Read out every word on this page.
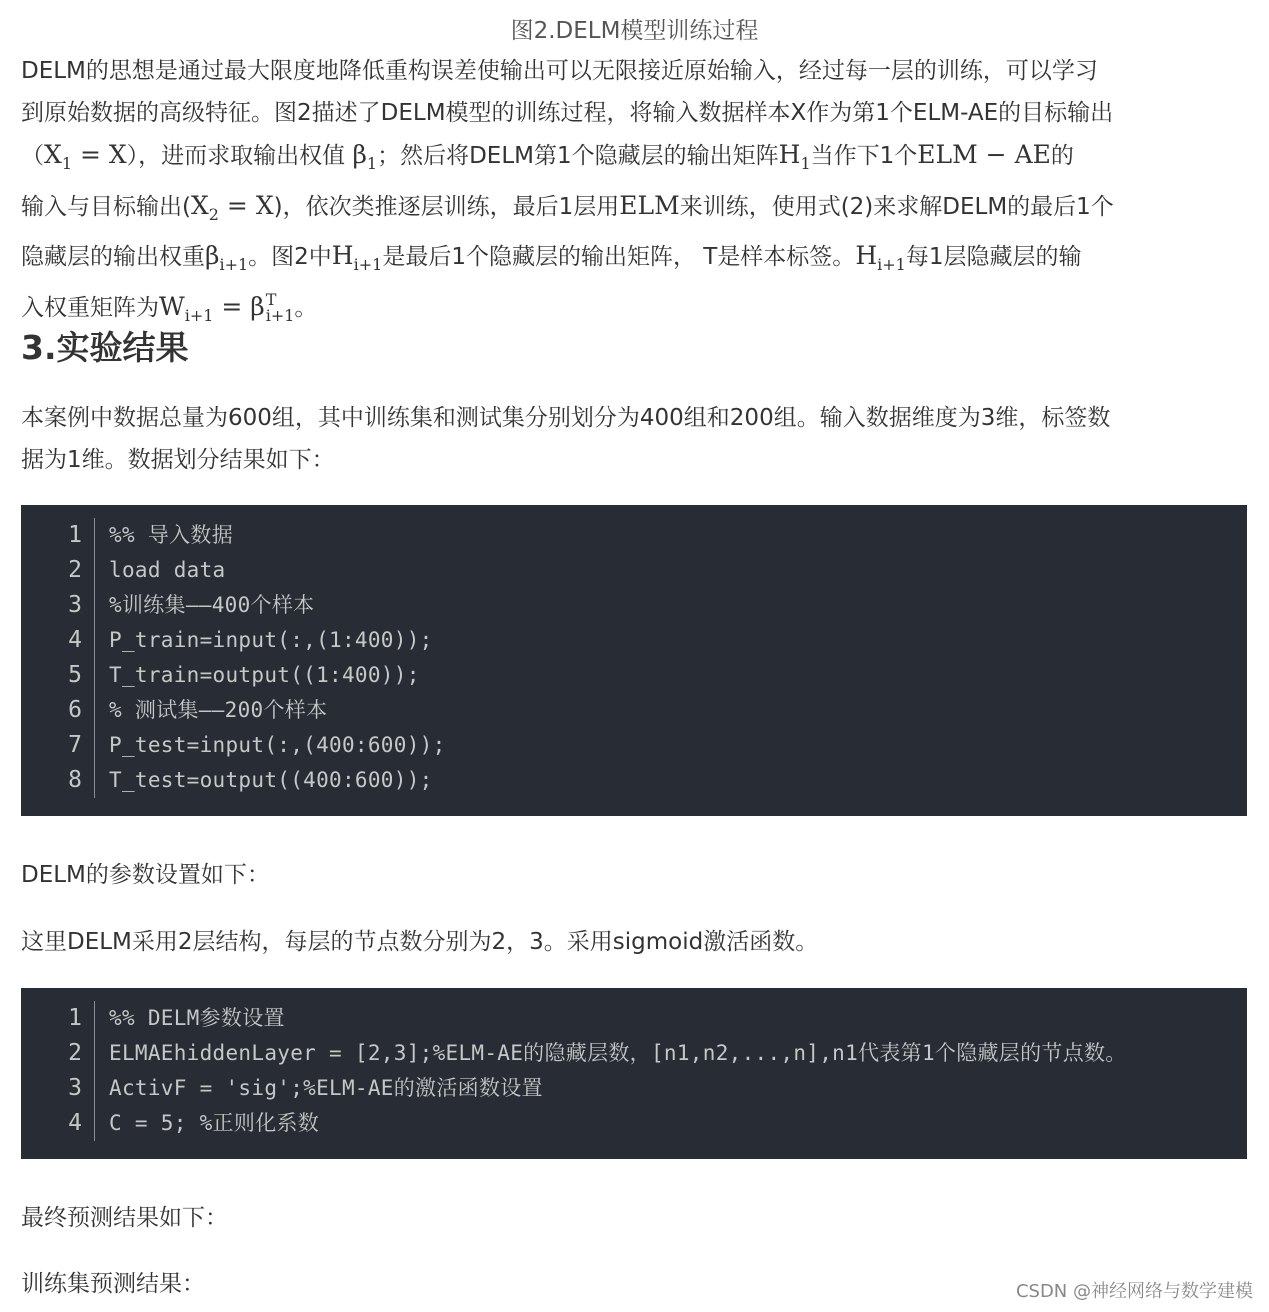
图2.DELM模型训练过程
DELM的思想是通过最大限度地降低重构误差使输出可以无限接近原始输入，经过每一层的训练，可以学习
到原始数据的高级特征。图2描述了DELM模型的训练过程，将输入数据样本X作为第1个ELM-AE的目标输出
$(X_1 = X)$，进而求取输出权值 $\beta_1$；然后将DELM第1个隐藏层的输出矩阵$H_1$当作下1个ELM − AE的
输入与目标输出$(X_2 = X)$，依次类推逐层训练，最后1层用ELM来训练，使用式(2)来求解DELM的最后1个
隐藏层的输出权重$\beta_{i+1}$。图2中$H_{i+1}$是最后1个隐藏层的输出矩阵， T是样本标签。$H_{i+1}$每1层隐藏层的输
入权重矩阵为$W_{i+1} = \beta$ T
i+1 。
3.实验结果
本案例中数据总量为600组，其中训练集和测试集分别划分为400组和200组。输入数据维度为3维，标签数
据为1维。数据划分结果如下：
1	%% 导入数据
2	load data
3	%训练集——400个样本
4	P_train=input(:,(1:400));
5	T_train=output((1:400));
6	% 测试集——200个样本
7	P_test=input(:,(400:600));
8	T_test=output((400:600));
DELM的参数设置如下：
这里DELM采用2层结构，每层的节点数分别为2，3。采用sigmoid激活函数。
1	%% DELM参数设置
2	ELMAEhiddenLayer = [2,3];%ELM-AE的隐藏层数，[n1,n2,...,n],n1代表第1个隐藏层的节点数。
3	ActivF = 'sig';%ELM-AE的激活函数设置
4	C = 5; %正则化系数
最终预测结果如下：
训练集预测结果：	CSDN @神经网络与数学建模
